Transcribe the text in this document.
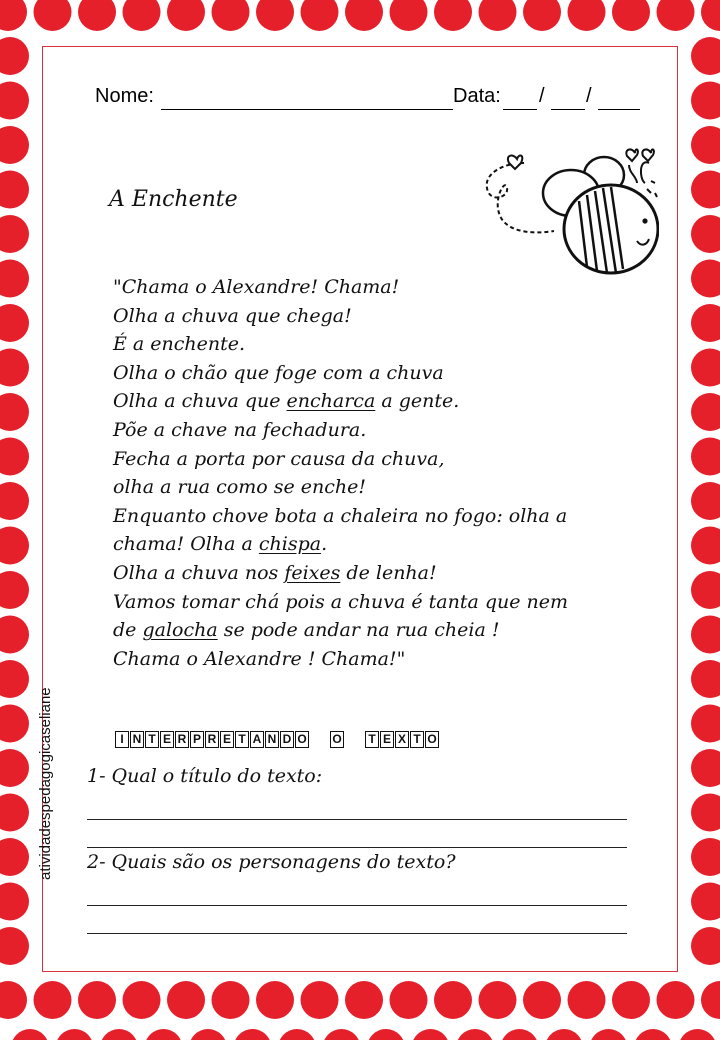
Nome:	Data: / /
A Enchente
"Chama o Alexandre! Chama!
Olha a chuva que chega!
É a enchente.
Olha o chão que foge com a chuva
Olha a chuva que encharca a gente.
Põe a chave na fechadura.
Fecha a porta por causa da chuva,
olha a rua como se enche!
Enquanto chove bota a chaleira no fogo: olha a
chama! Olha a chispa.
Olha a chuva nos feixes de lenha!
Vamos tomar chá pois a chuva é tanta que nem
de galocha se pode andar na rua cheia !
Chama o Alexandre ! Chama!"
I N T E R P R E T A N D O O T E X T O
1- Qual o título do texto:
2- Quais são os personagens do texto?
atividadespedagogicaseliane
